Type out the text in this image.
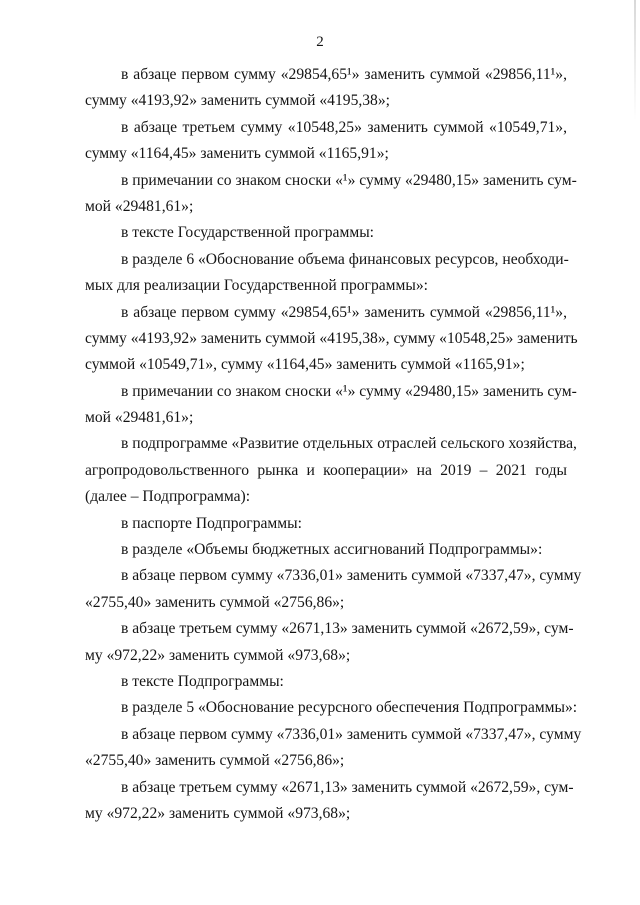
2
в абзаце первом сумму «29854,65¹» заменить суммой «29856,11¹»,
сумму «4193,92» заменить суммой «4195,38»;
в абзаце третьем сумму «10548,25» заменить суммой «10549,71»,
сумму «1164,45» заменить суммой «1165,91»;
в примечании со знаком сноски «¹» сумму «29480,15» заменить сум-
мой «29481,61»;
в тексте Государственной программы:
в разделе 6 «Обоснование объема финансовых ресурсов, необходи-
мых для реализации Государственной программы»:
в абзаце первом сумму «29854,65¹» заменить суммой «29856,11¹»,
сумму «4193,92» заменить суммой «4195,38», сумму «10548,25» заменить
суммой «10549,71», сумму «1164,45» заменить суммой «1165,91»;
в примечании со знаком сноски «¹» сумму «29480,15» заменить сум-
мой «29481,61»;
в подпрограмме «Развитие отдельных отраслей сельского хозяйства,
агропродовольственного рынка и кооперации» на 2019 – 2021 годы
(далее – Подпрограмма):
в паспорте Подпрограммы:
в разделе «Объемы бюджетных ассигнований Подпрограммы»:
в абзаце первом сумму «7336,01» заменить суммой «7337,47», сумму
«2755,40» заменить суммой «2756,86»;
в абзаце третьем сумму «2671,13» заменить суммой «2672,59», сум-
му «972,22» заменить суммой «973,68»;
в тексте Подпрограммы:
в разделе 5 «Обоснование ресурсного обеспечения Подпрограммы»:
в абзаце первом сумму «7336,01» заменить суммой «7337,47», сумму
«2755,40» заменить суммой «2756,86»;
в абзаце третьем сумму «2671,13» заменить суммой «2672,59», сум-
му «972,22» заменить суммой «973,68»;
